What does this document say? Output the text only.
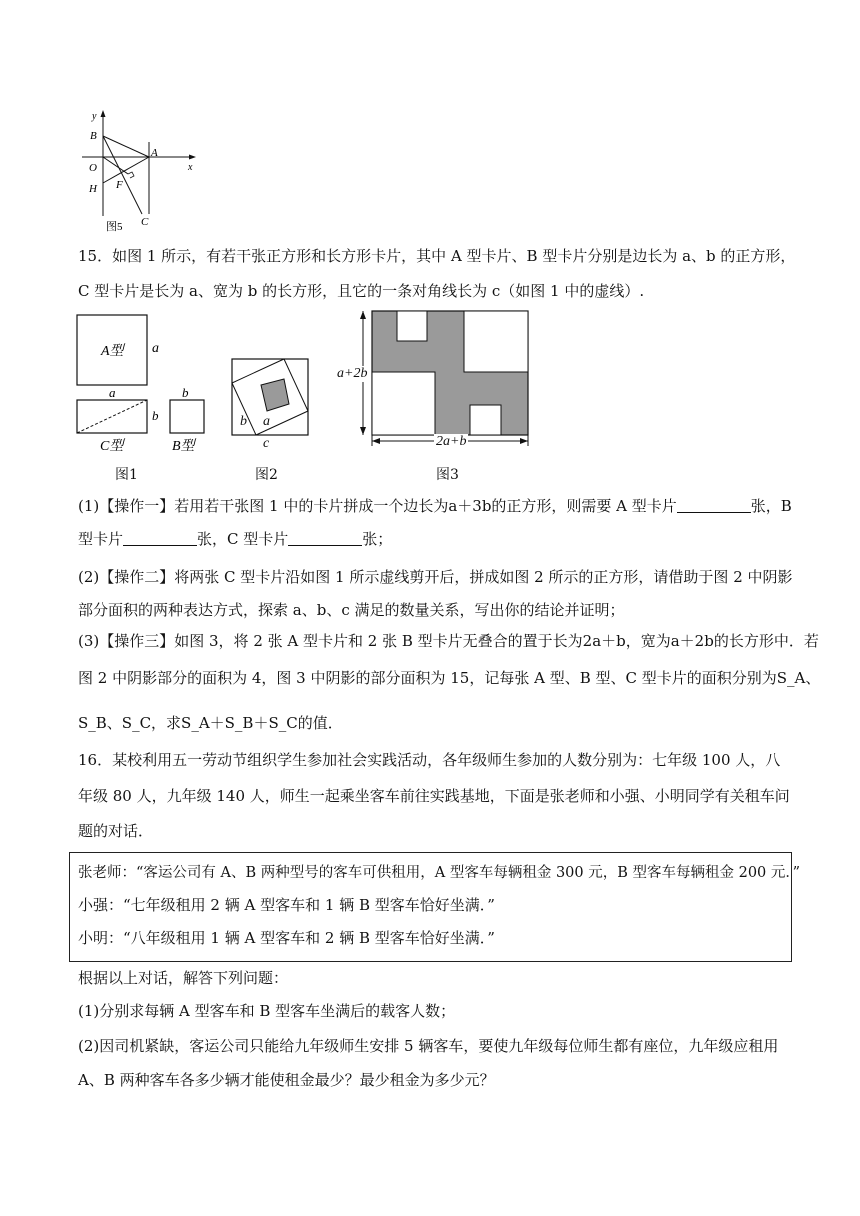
y
B
O
A
x
H F
C
图5
15．如图 1 所示，有若干张正方形和长方形卡片，其中 A 型卡片、B 型卡片分别是边长为 a、b 的正方形，
C 型卡片是长为 a、宽为 b 的长方形，且它的一条对角线长为 c（如图 1 中的虚线）.
A型 a
a
b
C型
b
B型
图1
b a
c
图2
a+2b
2a+b
图3
(1)【操作一】若用若干张图 1 中的卡片拼成一个边长为a＋3b的正方形，则需要 A 型卡片	张，B
型卡片	张，C 型卡片	张；
(2)【操作二】将两张 C 型卡片沿如图 1 所示虚线剪开后，拼成如图 2 所示的正方形，请借助于图 2 中阴影
部分面积的两种表达方式，探索 a、b、c 满足的数量关系，写出你的结论并证明；
(3)【操作三】如图 3，将 2 张 A 型卡片和 2 张 B 型卡片无叠合的置于长为2a＋b，宽为a＋2b的长方形中．若
图 2 中阴影部分的面积为 4，图 3 中阴影的部分面积为 15，记每张 A 型、B 型、C 型卡片的面积分别为S_A、
S_B、S_C，求S_A＋S_B＋S_C的值．
16．某校利用五一劳动节组织学生参加社会实践活动，各年级师生参加的人数分别为：七年级 100 人，八
年级 80 人，九年级 140 人，师生一起乘坐客车前往实践基地，下面是张老师和小强、小明同学有关租车问
题的对话．
张老师：“客运公司有 A、B 两种型号的客车可供租用，A 型客车每辆租金 300 元，B 型客车每辆租金 200 元．”
小强：“七年级租用 2 辆 A 型客车和 1 辆 B 型客车恰好坐满．”
小明：“八年级租用 1 辆 A 型客车和 2 辆 B 型客车恰好坐满．”
根据以上对话，解答下列问题：
(1)分别求每辆 A 型客车和 B 型客车坐满后的载客人数；
(2)因司机紧缺，客运公司只能给九年级师生安排 5 辆客车，要使九年级每位师生都有座位，九年级应租用
A、B 两种客车各多少辆才能使租金最少？最少租金为多少元？
